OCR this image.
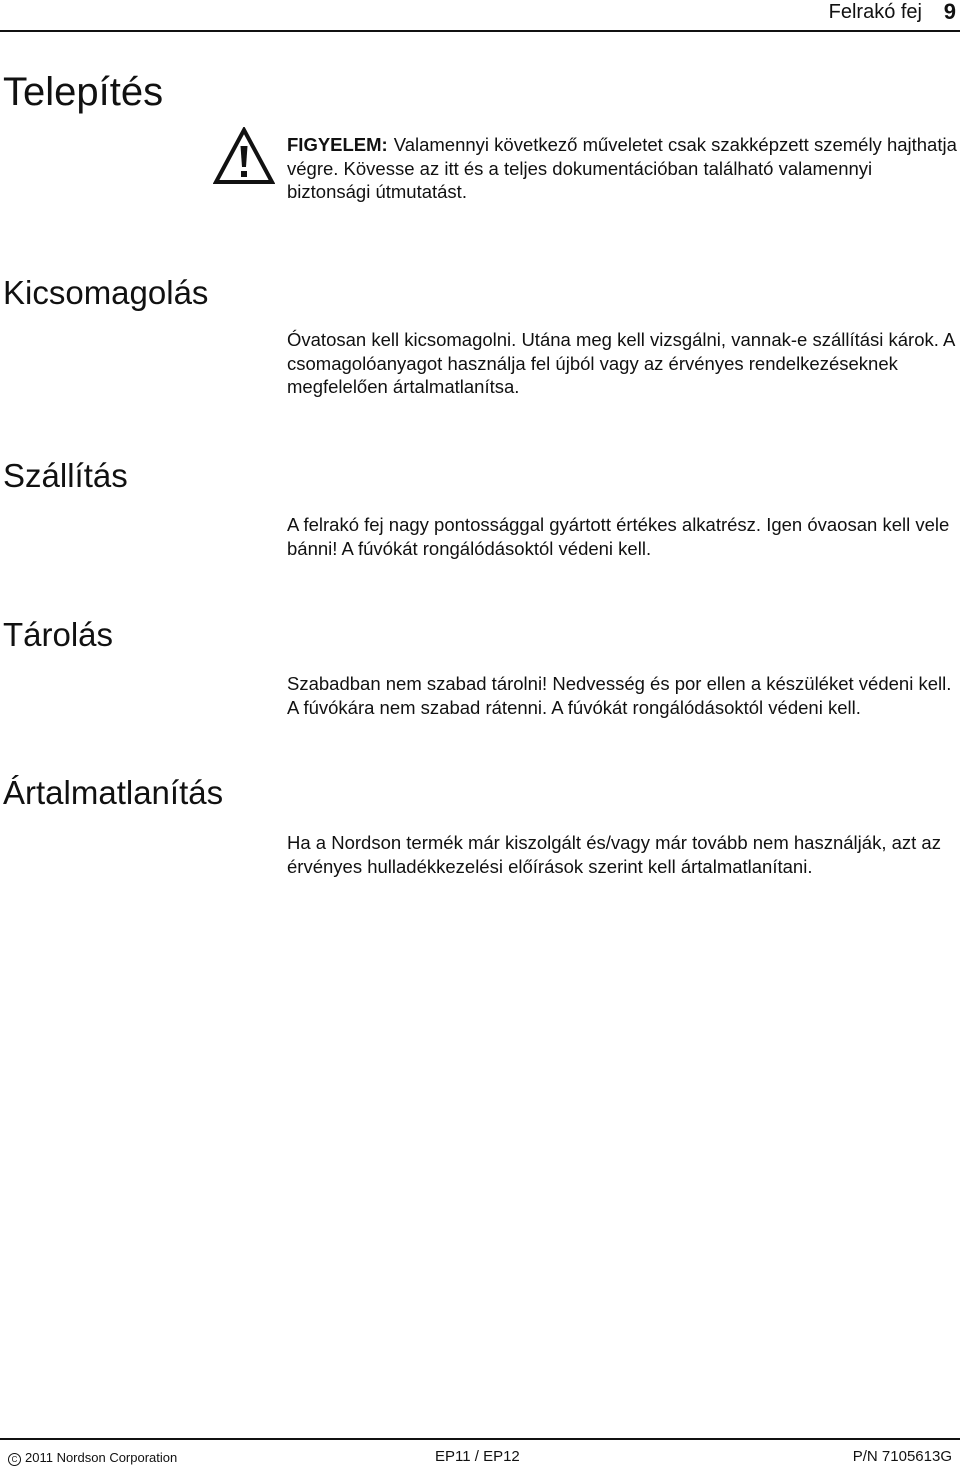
Felrakó fej 9
Telepítés

FIGYELEM: Valamennyi következő műveletet csak szakképzett személy hajthatja végre. Kövesse az itt és a teljes dokumentációban található valamennyi biztonsági útmutatást.

Kicsomagolás

Óvatosan kell kicsomagolni. Utána meg kell vizsgálni, vannak-e szállítási károk. A csomagolóanyagot használja fel újból vagy az érvényes rendelkezéseknek megfelelően ártalmatlanítsa.

Szállítás

A felrakó fej nagy pontossággal gyártott értékes alkatrész. Igen óvaosan kell vele bánni! A fúvókát rongálódásoktól védeni kell.

Tárolás

Szabadban nem szabad tárolni! Nedvesség és por ellen a készüléket védeni kell. A fúvókára nem szabad rátenni. A fúvókát rongálódásoktól védeni kell.

Ártalmatlanítás

Ha a Nordson termék már kiszolgált és/vagy már tovább nem használják, azt az érvényes hulladékkezelési előírások szerint kell ártalmatlanítani.

C 2011 Nordson Corporation	EP11 / EP12	P/N 7105613G
